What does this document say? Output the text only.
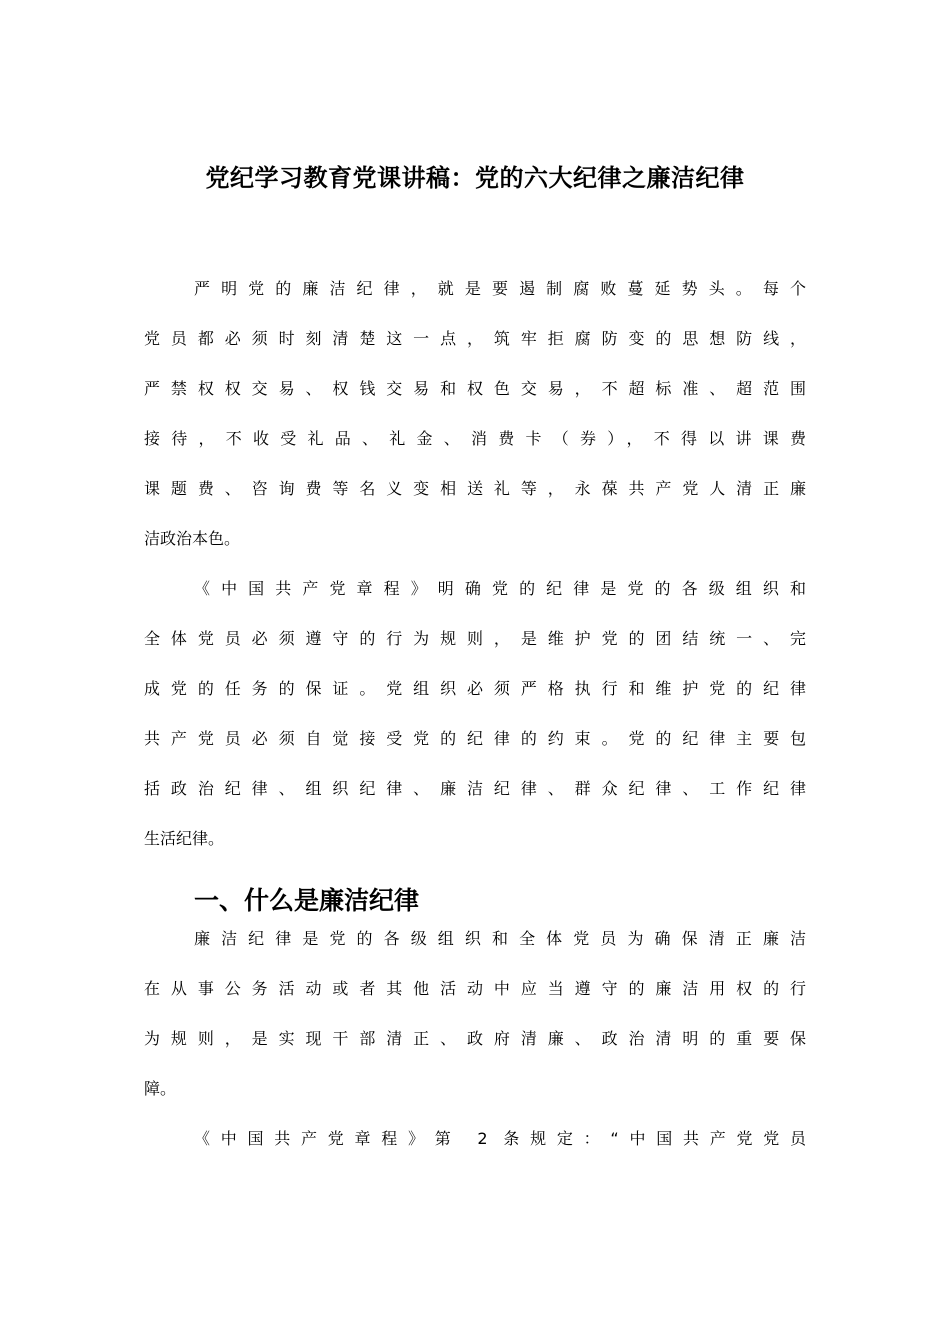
党纪学习教育党课讲稿：党的六大纪律之廉洁纪律
严明党的廉洁纪律，就是要遏制腐败蔓延势头。每个
党员都必须时刻清楚这一点，筑牢拒腐防变的思想防线，
严禁权权交易、权钱交易和权色交易，不超标准、超范围
接待，不收受礼品、礼金、消费卡（券），不得以讲课费
课题费、咨询费等名义变相送礼等，永葆共产党人清正廉
洁政治本色。
《中国共产党章程》明确党的纪律是党的各级组织和
全体党员必须遵守的行为规则，是维护党的团结统一、完
成党的任务的保证。党组织必须严格执行和维护党的纪律
共产党员必须自觉接受党的纪律的约束。党的纪律主要包
括政治纪律、组织纪律、廉洁纪律、群众纪律、工作纪律
生活纪律。
一、什么是廉洁纪律
廉洁纪律是党的各级组织和全体党员为确保清正廉洁
在从事公务活动或者其他活动中应当遵守的廉洁用权的行
为规则，是实现干部清正、政府清廉、政治清明的重要保
障。
《中国共产党章程》第 2 条规定：“中国共产党党员
